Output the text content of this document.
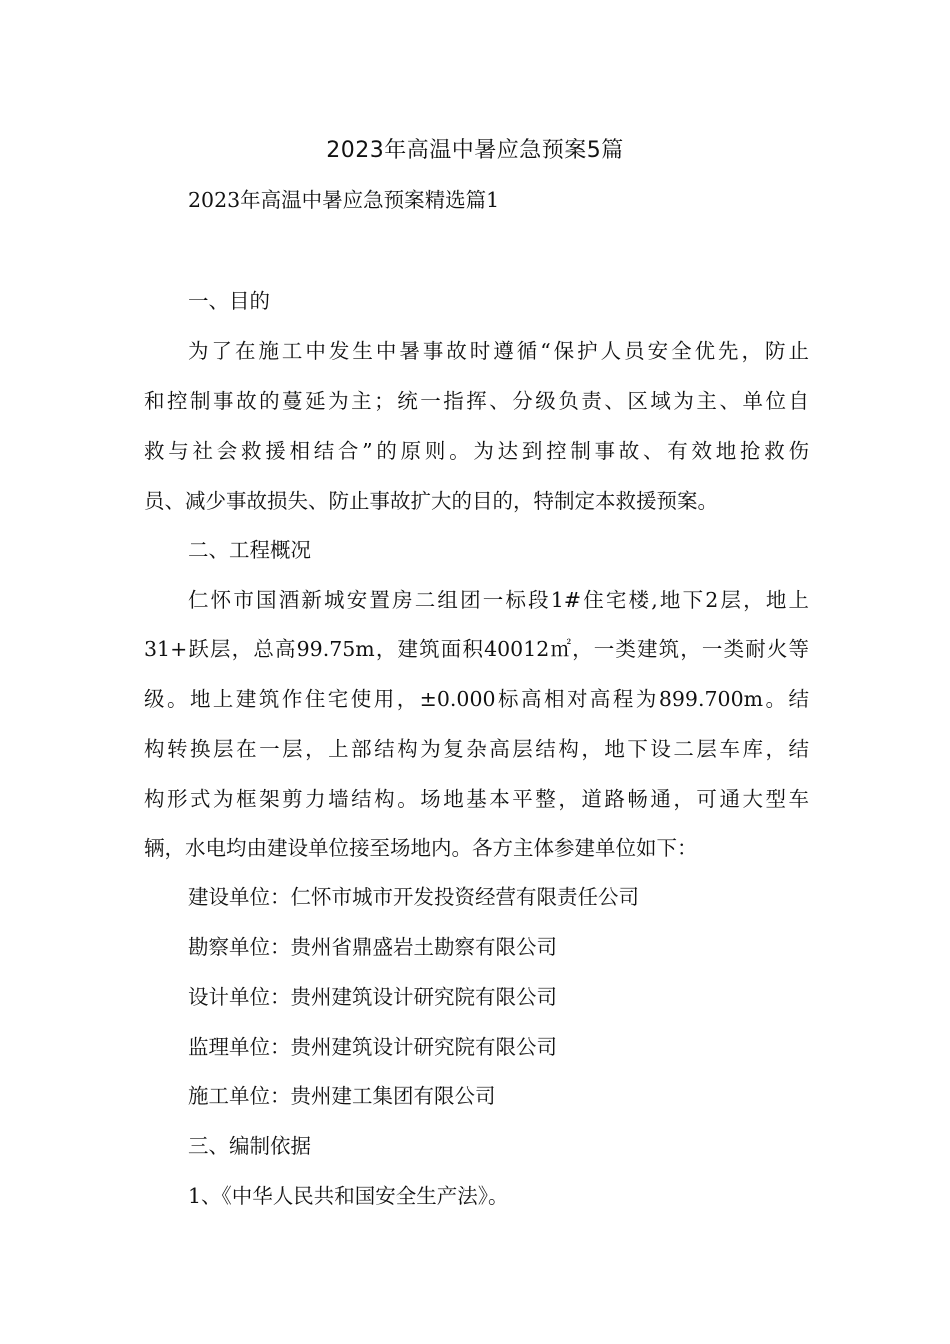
2023年高温中暑应急预案5篇
2023年高温中暑应急预案精选篇1
一、目的
为了在施工中发生中暑事故时遵循“保护人员安全优先，防止
和控制事故的蔓延为主；统一指挥、分级负责、区域为主、单位自
救与社会救援相结合”的原则。为达到控制事故、有效地抢救伤
员、减少事故损失、防止事故扩大的目的，特制定本救援预案。
二、工程概况
仁怀市国酒新城安置房二组团一标段1#住宅楼,地下2层，地上
31+跃层，总高99.75m，建筑面积40012㎡，一类建筑，一类耐火等
级。地上建筑作住宅使用，±0.000标高相对高程为899.700m。结
构转换层在一层，上部结构为复杂高层结构，地下设二层车库，结
构形式为框架剪力墙结构。场地基本平整，道路畅通，可通大型车
辆，水电均由建设单位接至场地内。各方主体参建单位如下：
建设单位：仁怀市城市开发投资经营有限责任公司
勘察单位：贵州省鼎盛岩土勘察有限公司
设计单位：贵州建筑设计研究院有限公司
监理单位：贵州建筑设计研究院有限公司
施工单位：贵州建工集团有限公司
三、编制依据
1、《中华人民共和国安全生产法》。
